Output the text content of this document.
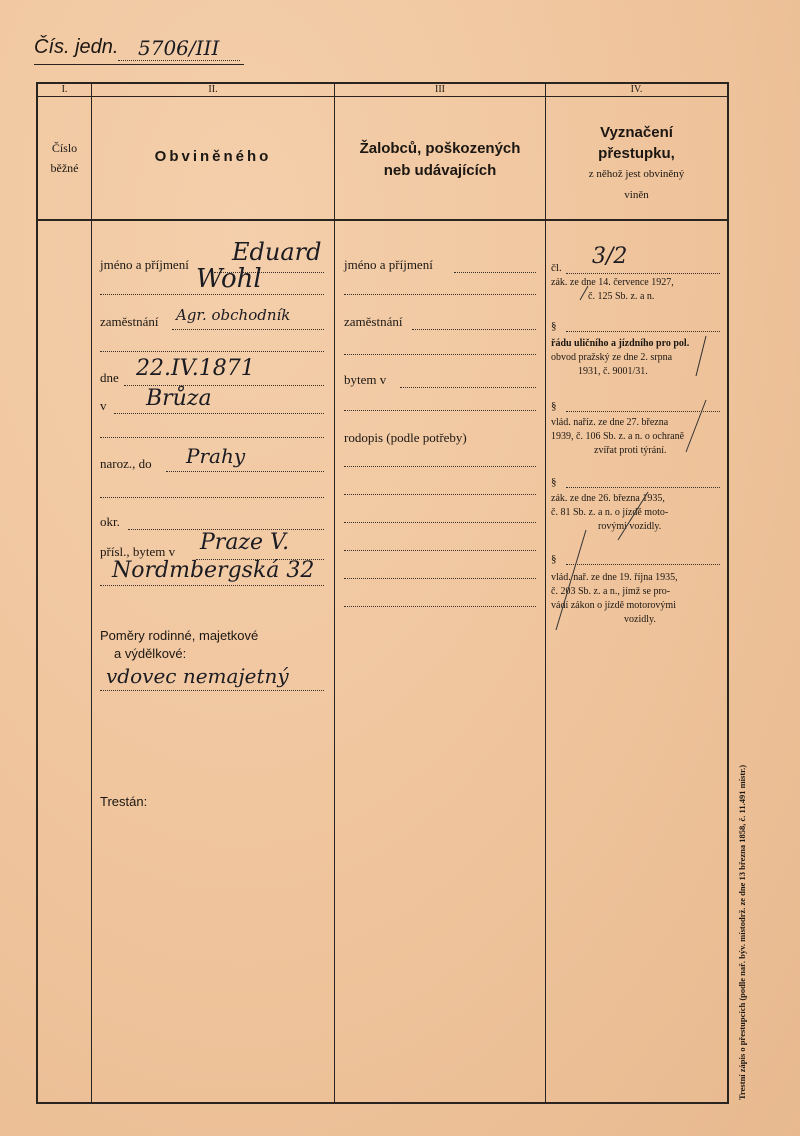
Čís. jedn. 5706/III
I.	II.	III	IV.
Číslo
běžné
Obviněného	Žalobců, poškozených
neb udávajících
Vyznačení
přestupku,
z něhož jest obviněný
viněn
jméno a příjmení Eduard
Wohl
zaměstnání Agr. obchodník
dne 22.IV.1871
v Brůza
naroz., do Prahy
okr.
přísl., bytem v Praze V.
Nordmbergská 32
Poměry rodinné, majetkové
a výdělkové:
vdovec nemajetný
Trestán:
jméno a příjmení
zaměstnání
bytem v
rodopis (podle potřeby)
čl. 3/2
zák. ze dne 14. července 1927,
č. 125 Sb. z. a n.
§
řádu uličního a jízdního pro pol.
obvod pražský ze dne 2. srpna
1931, č. 9001/31.
§
vlád. naříz. ze dne 27. března
1939, č. 106 Sb. z. a n. o ochraně
zvířat proti týrání.
§
zák. ze dne 26. března 1935,
č. 81 Sb. z. a n. o jízdě moto-
rovými vozidly.
§
vlád. nař. ze dne 19. října 1935,
č. 203 Sb. z. a n., jímž se pro-
vádí zákon o jízdě motorovými
vozidly.
Trestní zápis o přestupcích (podle nař. býv. místodrž. ze dne 13 března 1858, č. 11.491 místr.)
